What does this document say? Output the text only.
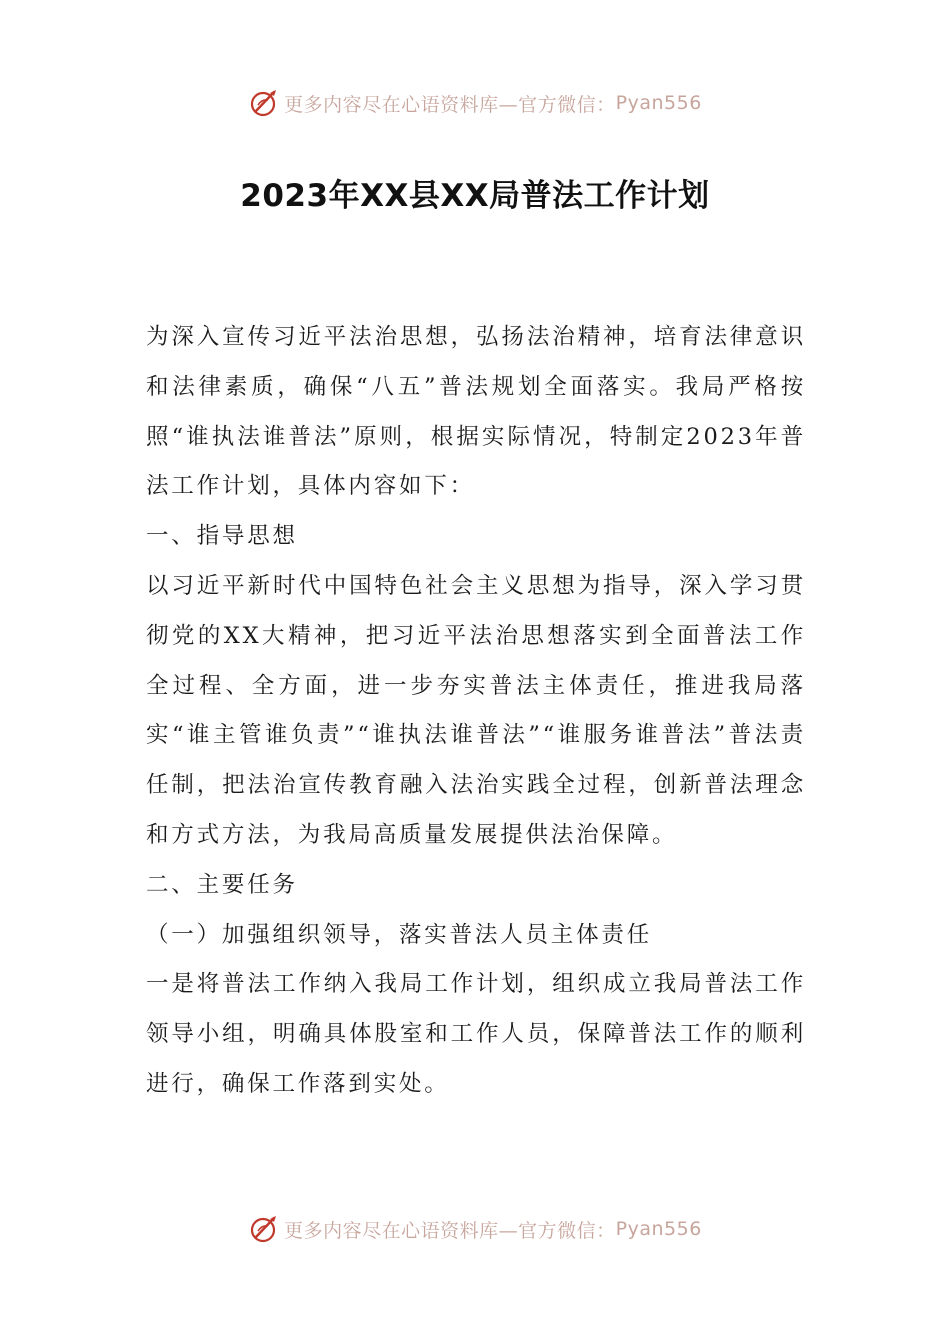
更多内容尽在心语资料库—官方微信： Pyan556
2023年XX县XX局普法工作计划

为深入宣传习近平法治思想，弘扬法治精神，培育法律意识和法律素质，确保“八五”普法规划全面落实。我局严格按照“谁执法谁普法”原则，根据实际情况，特制定2023年普法工作计划，具体内容如下：

一、指导思想

以习近平新时代中国特色社会主义思想为指导，深入学习贯彻党的XX大精神，把习近平法治思想落实到全面普法工作全过程、全方面，进一步夯实普法主体责任，推进我局落实“谁主管谁负责”“谁执法谁普法”“谁服务谁普法”普法责任制，把法治宣传教育融入法治实践全过程，创新普法理念和方式方法，为我局高质量发展提供法治保障。

二、主要任务

（一）加强组织领导，落实普法人员主体责任

一是将普法工作纳入我局工作计划，组织成立我局普法工作领导小组，明确具体股室和工作人员，保障普法工作的顺利进行，确保工作落到实处。

更多内容尽在心语资料库—官方微信： Pyan556
